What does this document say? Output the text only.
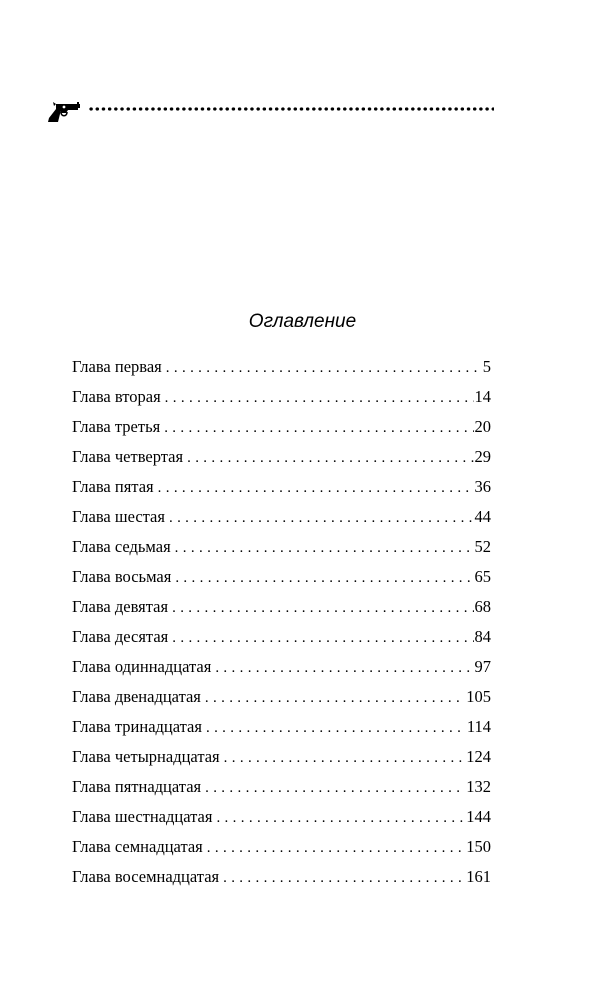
Оглавление
Глава первая . . .	5
Глава вторая . . .	14
Глава третья . . .	20
Глава четвертая . . .	29
Глава пятая . . .	36
Глава шестая . . .	44
Глава седьмая . . .	52
Глава восьмая . . .	65
Глава девятая . . .	68
Глава десятая . . .	84
Глава одиннадцатая . . .	97
Глава двенадцатая . . .	105
Глава тринадцатая . . .	114
Глава четырнадцатая . . .	124
Глава пятнадцатая . . .	132
Глава шестнадцатая . . .	144
Глава семнадцатая . . .	150
Глава восемнадцатая . . .	161
